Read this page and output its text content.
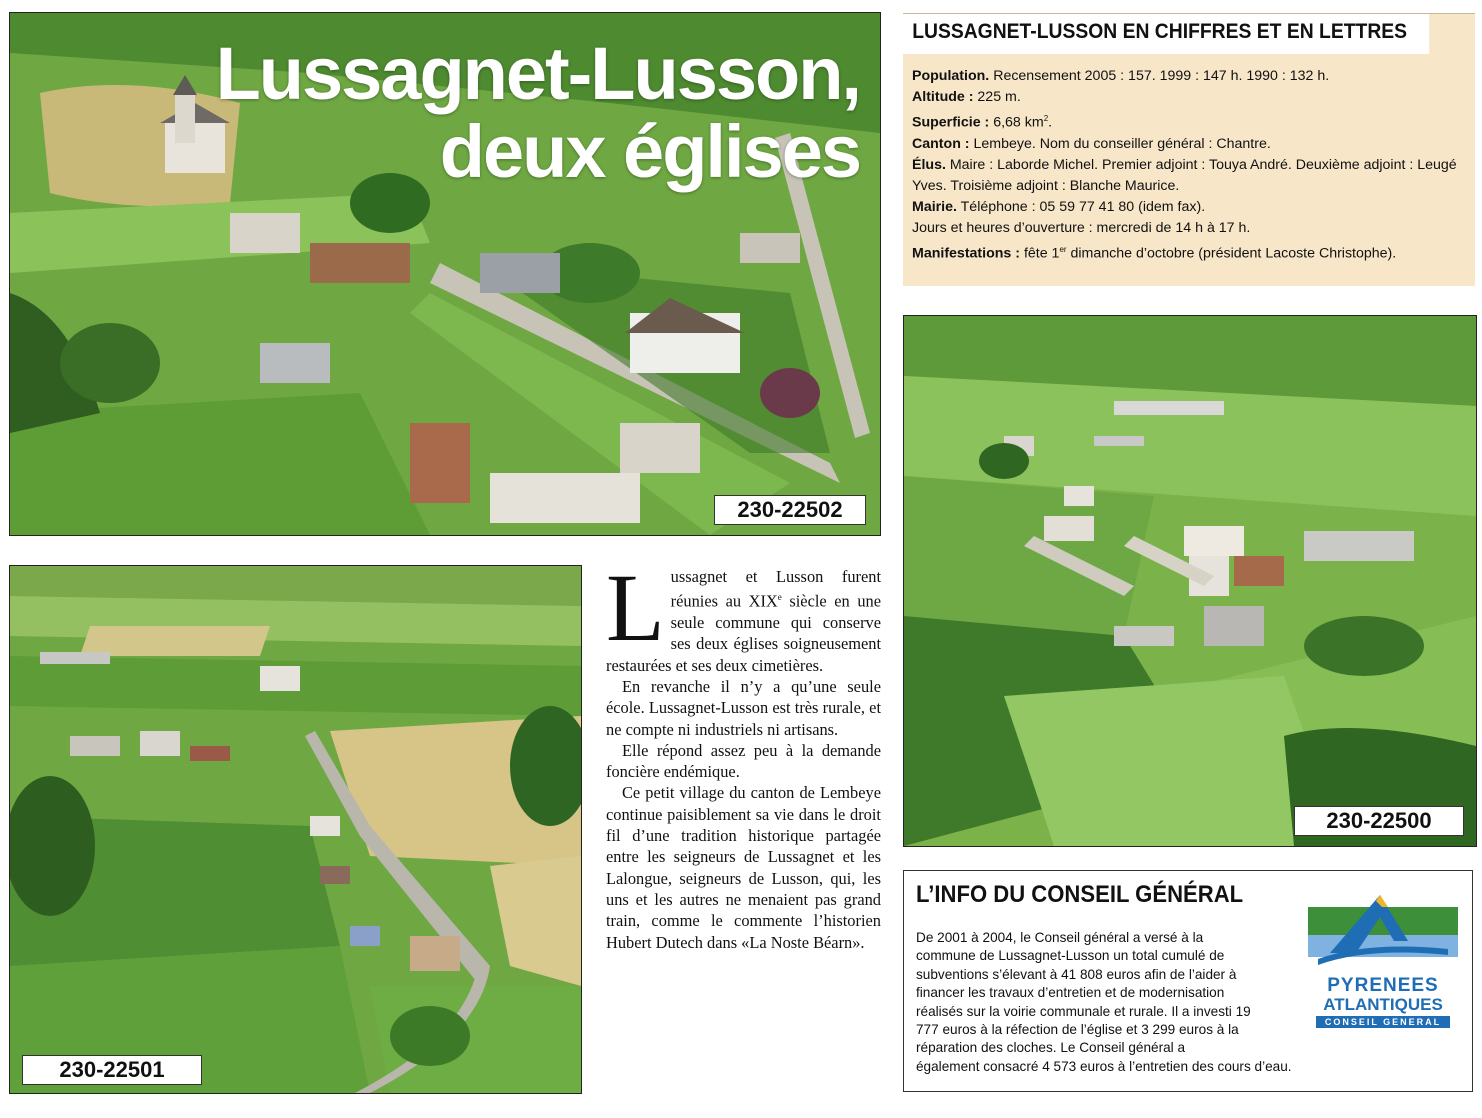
Lussagnet-Lusson,
deux églises
230-22502
LUSSAGNET-LUSSON EN CHIFFRES ET EN LETTRES

Population. Recensement 2005 : 157. 1999 : 147 h. 1990 : 132 h.

Altitude : 225 m.

Superficie : 6,68 $km^2$.

Canton : Lembeye. Nom du conseiller général : Chantre.

Élus. Maire : Laborde Michel. Premier adjoint : Touya André. Deuxième adjoint : Leugé Yves. Troisième adjoint : Blanche Maurice.

Mairie. Téléphone : 05 59 77 41 80 (idem fax).

Jours et heures d’ouverture : mercredi de 14 h à 17 h.

Manifestations : fête 1er dimanche d’octobre (président Lacoste Christophe).

230-22500
230-22501

Lussagnet et Lusson furent réunies au XIXe siècle en une seule commune qui conserve ses deux églises soigneusement restaurées et ses deux cimetières.

En revanche il n’y a qu’une seule école. Lussagnet-Lusson est très rurale, et ne compte ni industriels ni artisans.

Elle répond assez peu à la demande foncière endémique.

Ce petit village du canton de Lembeye continue paisiblement sa vie dans le droit fil d’une tradition historique partagée entre les seigneurs de Lussagnet et les Lalongue, seigneurs de Lusson, qui, les uns et les autres ne menaient pas grand train, comme le commente l’historien Hubert Dutech dans «La Noste Béarn».

L’INFO DU CONSEIL GÉNÉRAL
De 2001 à 2004, le Conseil général a versé à la commune de Lussagnet-Lusson un total cumulé de subventions s’élevant à 41 808 euros afin de l’aider à financer les travaux d’entretien et de modernisation réalisés sur la voirie communale et rurale. Il a investi 19 777 euros à la réfection de l’église et 3 299 euros à la réparation des cloches. Le Conseil général a également consacré 4 573 euros à l’entretien des cours d’eau.
PYRENEES
ATLANTIQUES
CONSEIL GENERAL
